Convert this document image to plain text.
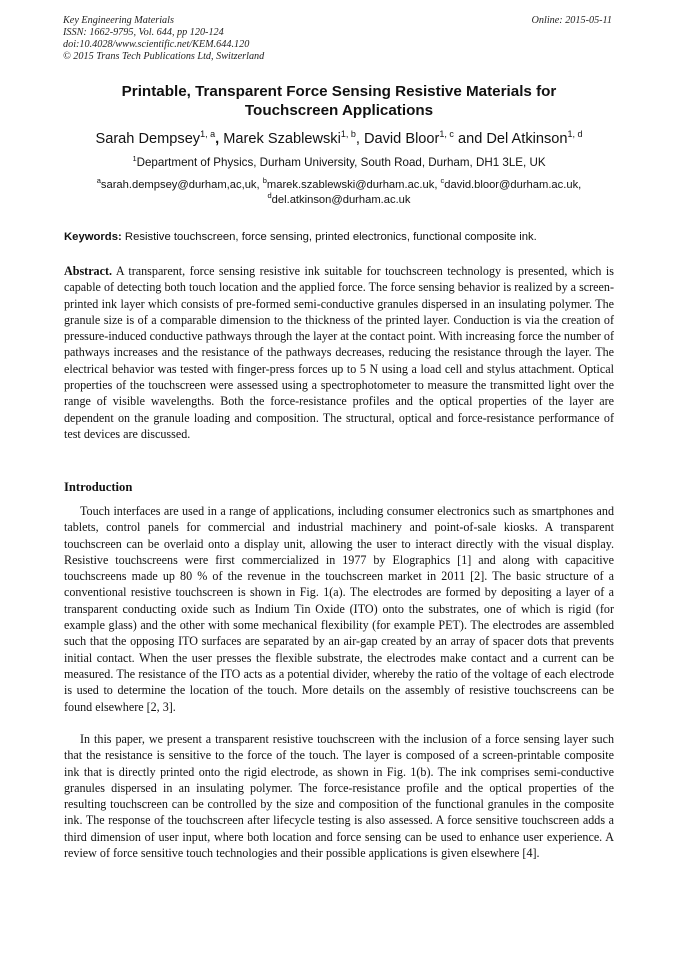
Key Engineering Materials
ISSN: 1662-9795, Vol. 644, pp 120-124
doi:10.4028/www.scientific.net/KEM.644.120
© 2015 Trans Tech Publications Ltd, Switzerland
Online: 2015-05-11
Printable, Transparent Force Sensing Resistive Materials for
Touchscreen Applications
Sarah Dempsey$^{1, a}$, Marek Szablewski$^{1, b}$, David Bloor$^{1, c}$ and Del Atkinson$^{1, d}$
$^1$Department of Physics, Durham University, South Road, Durham, DH1 3LE, UK
$^a$sarah.dempsey@durham,ac,uk, $^b$marek.szablewski@durham.ac.uk, $^c$david.bloor@durham.ac.uk,
$^d$del.atkinson@durham.ac.uk
Keywords: Resistive touchscreen, force sensing, printed electronics, functional composite ink.

Abstract. A transparent, force sensing resistive ink suitable for touchscreen technology is presented, which is capable of detecting both touch location and the applied force. The force sensing behavior is realized by a screen-printed ink layer which consists of pre-formed semi-conductive granules dispersed in an insulating polymer. The granule size is of a comparable dimension to the thickness of the printed layer. Conduction is via the creation of pressure-induced conductive pathways through the layer at the contact point. With increasing force the number of pathways increases and the resistance of the pathways decreases, reducing the resistance through the layer. The electrical behavior was tested with finger-press forces up to 5 N using a load cell and stylus attachment. Optical properties of the touchscreen were assessed using a spectrophotometer to measure the transmitted light over the range of visible wavelengths. Both the force-resistance profiles and the optical properties of the layer are dependent on the granule loading and composition. The structural, optical and force-resistance performance of test devices are discussed.

Introduction

Touch interfaces are used in a range of applications, including consumer electronics such as smartphones and tablets, control panels for commercial and industrial machinery and point-of-sale kiosks. A transparent touchscreen can be overlaid onto a display unit, allowing the user to interact directly with the visual display. Resistive touchscreens were first commercialized in 1977 by Elographics [1] and along with capacitive touchscreens made up 80 % of the revenue in the touchscreen market in 2011 [2]. The basic structure of a conventional resistive touchscreen is shown in Fig. 1(a). The electrodes are formed by depositing a layer of a transparent conducting oxide such as Indium Tin Oxide (ITO) onto the substrates, one of which is rigid (for example glass) and the other with some mechanical flexibility (for example PET). The electrodes are assembled such that the opposing ITO surfaces are separated by an air-gap created by an array of spacer dots that prevents initial contact. When the user presses the flexible substrate, the electrodes make contact and a current can be measured. The resistance of the ITO acts as a potential divider, whereby the ratio of the voltage of each electrode is used to determine the location of the touch. More details on the assembly of resistive touchscreens can be found elsewhere [2, 3].

In this paper, we present a transparent resistive touchscreen with the inclusion of a force sensing layer such that the resistance is sensitive to the force of the touch. The layer is composed of a screen-printable composite ink that is directly printed onto the rigid electrode, as shown in Fig. 1(b). The ink comprises semi-conductive granules dispersed in an insulating polymer. The force-resistance profile and the optical properties of the resulting touchscreen can be controlled by the size and composition of the functional granules in the composite ink. The response of the touchscreen after lifecycle testing is also assessed. A force sensitive touchscreen adds a third dimension of user input, where both location and force sensing can be used to enhance user experience. A review of force sensitive touch technologies and their possible applications is given elsewhere [4].
